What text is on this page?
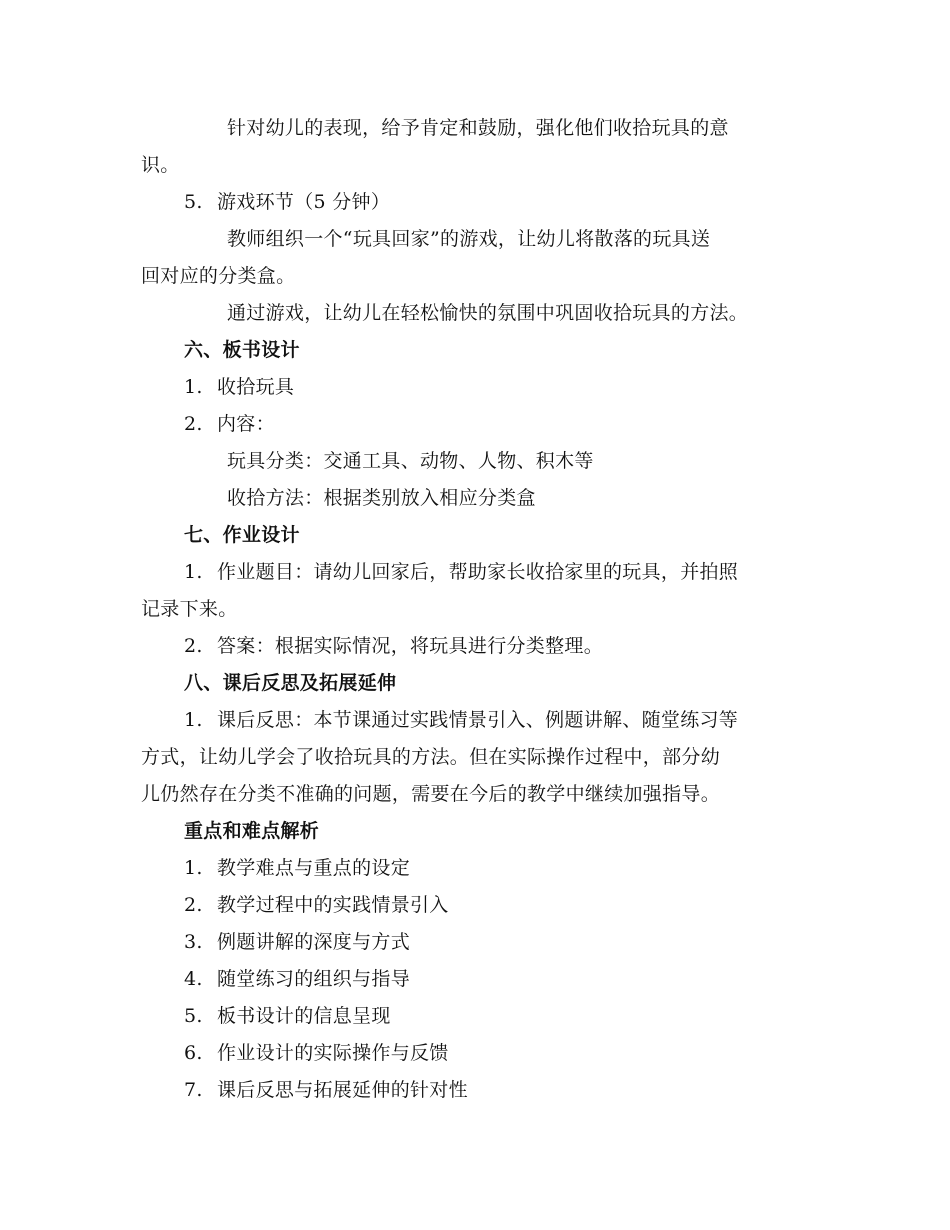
针对幼儿的表现，给予肯定和鼓励，强化他们收拾玩具的意
识。
5. 游戏环节（5 分钟）
教师组织一个“玩具回家”的游戏，让幼儿将散落的玩具送
回对应的分类盒。
通过游戏，让幼儿在轻松愉快的氛围中巩固收拾玩具的方法。
六、板书设计
1. 收拾玩具
2. 内容：
玩具分类：交通工具、动物、人物、积木等
收拾方法：根据类别放入相应分类盒
七、作业设计
1. 作业题目：请幼儿回家后，帮助家长收拾家里的玩具，并拍照
记录下来。
2. 答案：根据实际情况，将玩具进行分类整理。
八、课后反思及拓展延伸
1. 课后反思：本节课通过实践情景引入、例题讲解、随堂练习等
方式，让幼儿学会了收拾玩具的方法。但在实际操作过程中，部分幼
儿仍然存在分类不准确的问题，需要在今后的教学中继续加强指导。
重点和难点解析
1. 教学难点与重点的设定
2. 教学过程中的实践情景引入
3. 例题讲解的深度与方式
4. 随堂练习的组织与指导
5. 板书设计的信息呈现
6. 作业设计的实际操作与反馈
7. 课后反思与拓展延伸的针对性
